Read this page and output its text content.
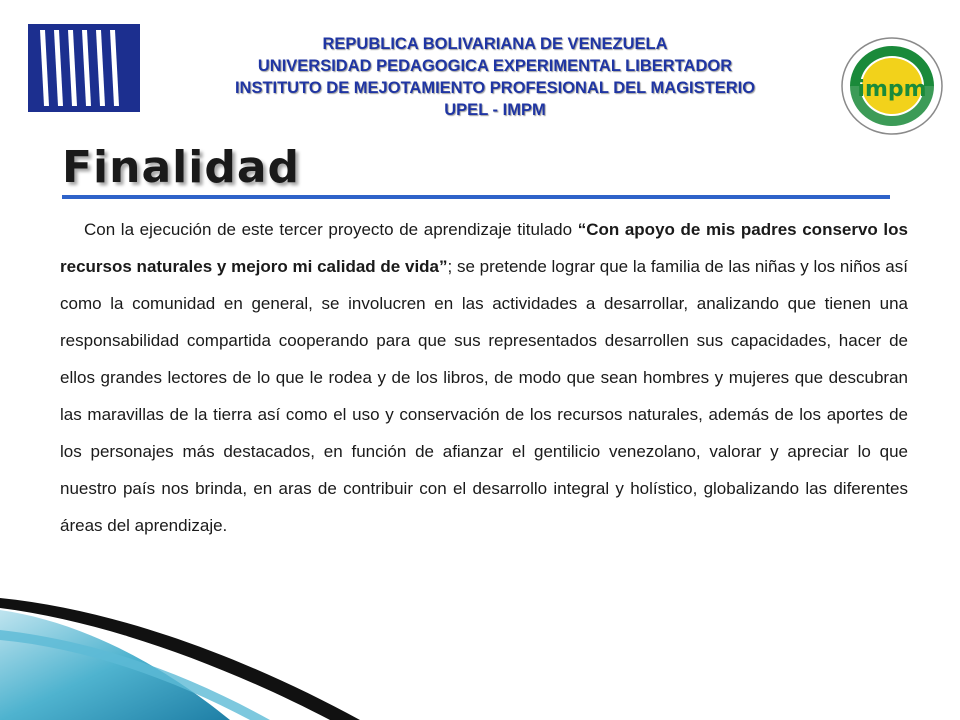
REPUBLICA BOLIVARIANA DE VENEZUELA
UNIVERSIDAD PEDAGOGICA EXPERIMENTAL LIBERTADOR
INSTITUTO DE MEJOTAMIENTO PROFESIONAL DEL MAGISTERIO
UPEL - IMPM
impm
Finalidad

Con la ejecución de este tercer proyecto de aprendizaje titulado “Con apoyo de mis padres conservo los recursos naturales y mejoro mi calidad de vida”; se pretende lograr que la familia de las niñas y los niños así como la comunidad en general, se involucren en las actividades a desarrollar, analizando que tienen una responsabilidad compartida cooperando para que sus representados desarrollen sus capacidades, hacer de ellos grandes lectores de lo que le rodea y de los libros, de modo que sean hombres y mujeres que descubran las maravillas de la tierra así como el uso y conservación de los recursos naturales, además de los aportes de los personajes más destacados, en función de afianzar el gentilicio venezolano, valorar y apreciar lo que nuestro país nos brinda, en aras de contribuir con el desarrollo integral y holístico, globalizando las diferentes áreas del aprendizaje.
